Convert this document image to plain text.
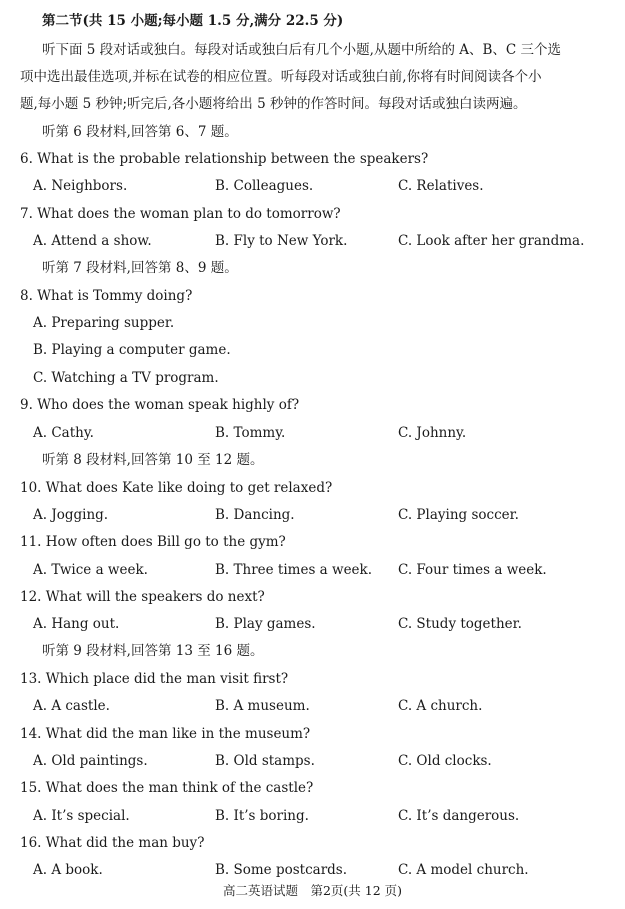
第二节(共 15 小题;每小题 1.5 分,满分 22.5 分)
听下面 5 段对话或独白。每段对话或独白后有几个小题,从题中所给的 A、B、C 三个选
项中选出最佳选项,并标在试卷的相应位置。听每段对话或独白前,你将有时间阅读各个小
题,每小题 5 秒钟;听完后,各小题将给出 5 秒钟的作答时间。每段对话或独白读两遍。
听第 6 段材料,回答第 6、7 题。
6. What is the probable relationship between the speakers?
A. Neighbors.	B. Colleagues.	C. Relatives.
7. What does the woman plan to do tomorrow?
A. Attend a show.	B. Fly to New York.	C. Look after her grandma.
听第 7 段材料,回答第 8、9 题。
8. What is Tommy doing?
A. Preparing supper.
B. Playing a computer game.
C. Watching a TV program.
9. Who does the woman speak highly of?
A. Cathy.	B. Tommy.	C. Johnny.
听第 8 段材料,回答第 10 至 12 题。
10. What does Kate like doing to get relaxed?
A. Jogging.	B. Dancing.	C. Playing soccer.
11. How often does Bill go to the gym?
A. Twice a week.	B. Three times a week. C. Four times a week.
12. What will the speakers do next?
A. Hang out.	B. Play games.	C. Study together.
听第 9 段材料,回答第 13 至 16 题。
13. Which place did the man visit first?
A. A castle.	B. A museum.	C. A church.
14. What did the man like in the museum?
A. Old paintings.	B. Old stamps.	C. Old clocks.
15. What does the man think of the castle?
A. It’s special.	B. It’s boring.	C. It’s dangerous.
16. What did the man buy?
A. A book.	B. Some postcards.	C. A model church.
高二英语试题　第2页(共 12 页)
